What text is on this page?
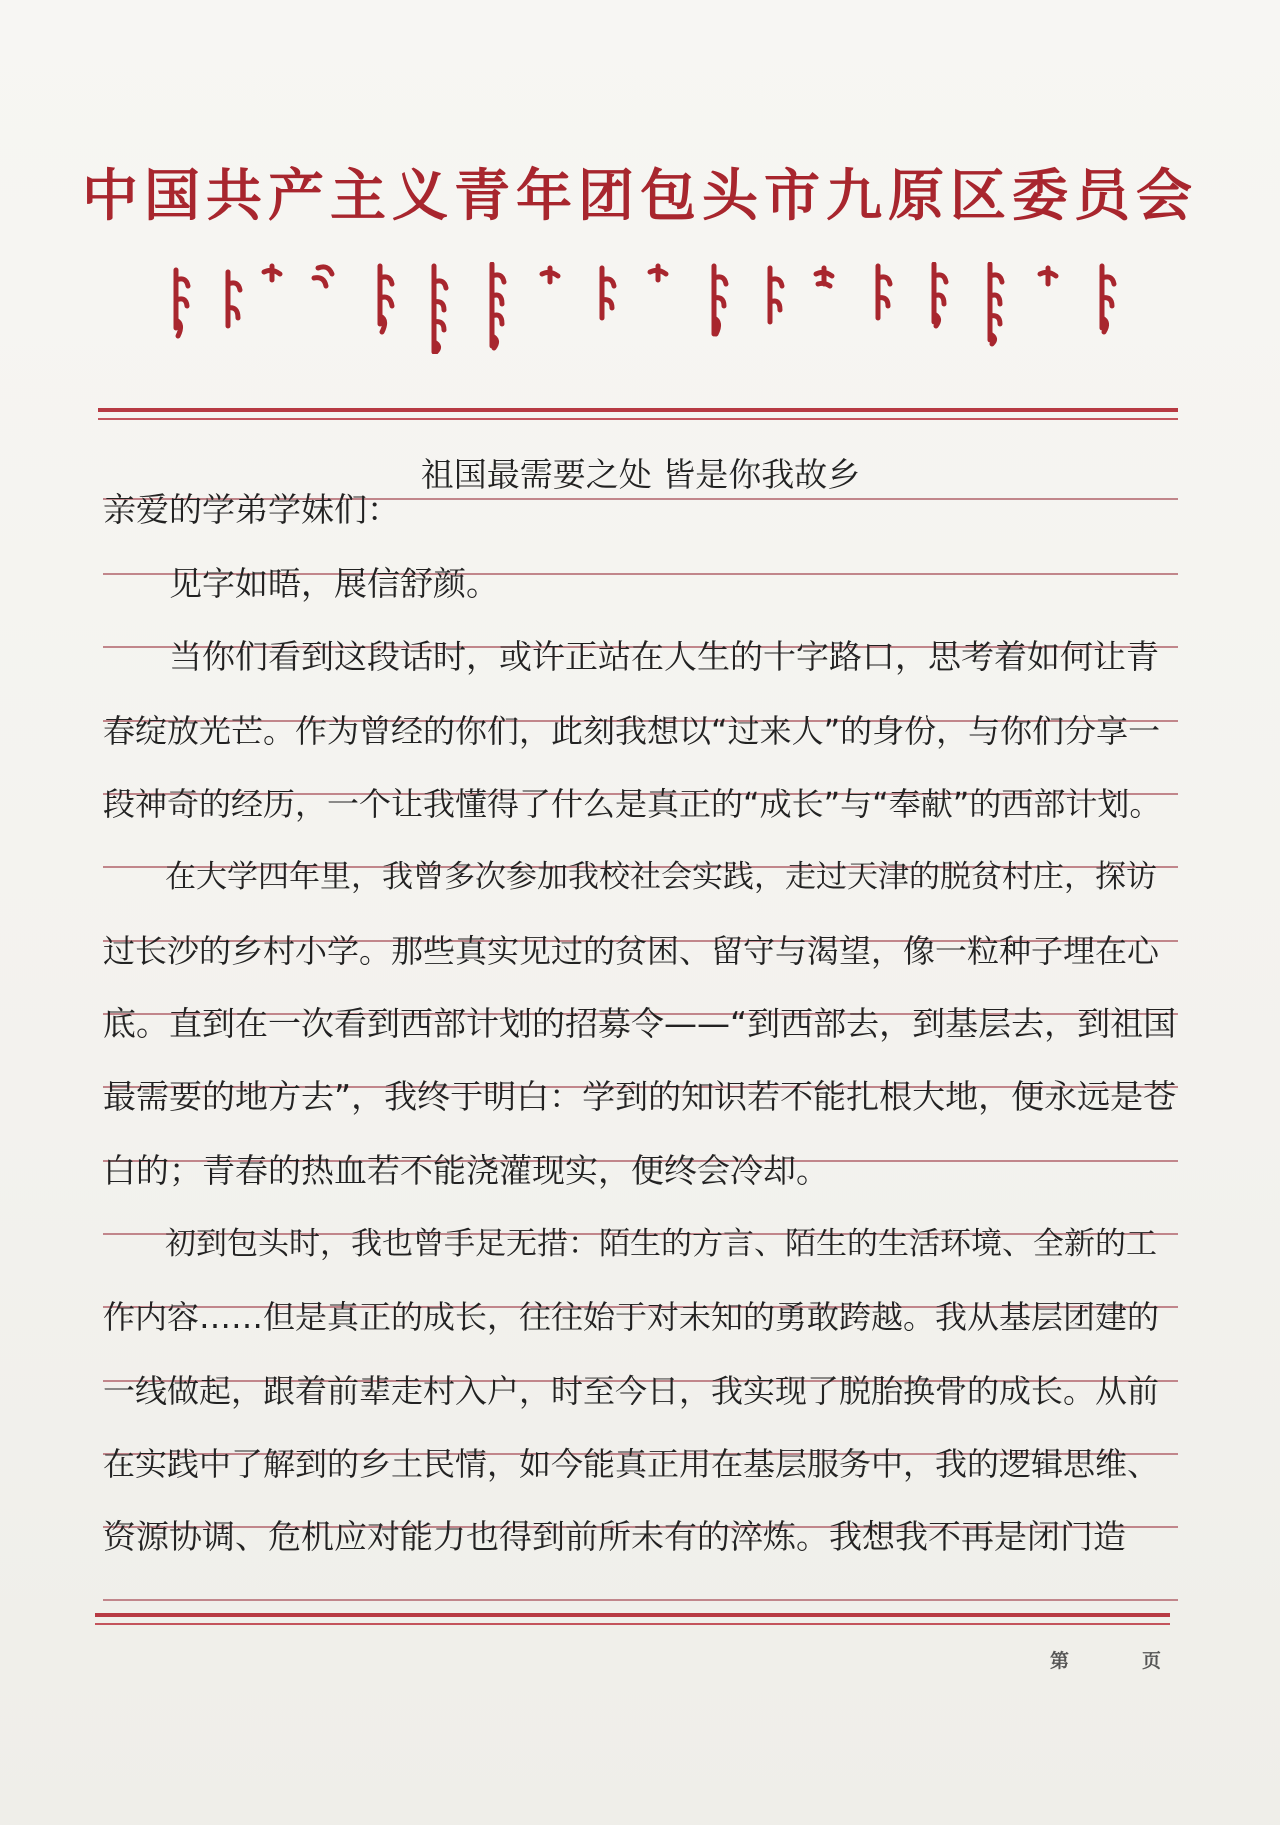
中国共产主义青年团包头市九原区委员会
祖国最需要之处 皆是你我故乡
亲爱的学弟学妹们：
　　见字如晤，展信舒颜。
　　当你们看到这段话时，或许正站在人生的十字路口，思考着如何让青
春绽放光芒。作为曾经的你们，此刻我想以“过来人”的身份，与你们分享一
段神奇的经历，一个让我懂得了什么是真正的“成长”与“奉献”的西部计划。
　　在大学四年里，我曾多次参加我校社会实践，走过天津的脱贫村庄，探访
过长沙的乡村小学。那些真实见过的贫困、留守与渴望，像一粒种子埋在心
底。直到在一次看到西部计划的招募令——“到西部去，到基层去，到祖国
最需要的地方去”，我终于明白：学到的知识若不能扎根大地，便永远是苍
白的；青春的热血若不能浇灌现实，便终会冷却。
　　初到包头时，我也曾手足无措：陌生的方言、陌生的生活环境、全新的工
作内容……但是真正的成长，往往始于对未知的勇敢跨越。我从基层团建的
一线做起，跟着前辈走村入户，时至今日，我实现了脱胎换骨的成长。从前
在实践中了解到的乡土民情，如今能真正用在基层服务中，我的逻辑思维、
资源协调、危机应对能力也得到前所未有的淬炼。我想我不再是闭门造
第	页
